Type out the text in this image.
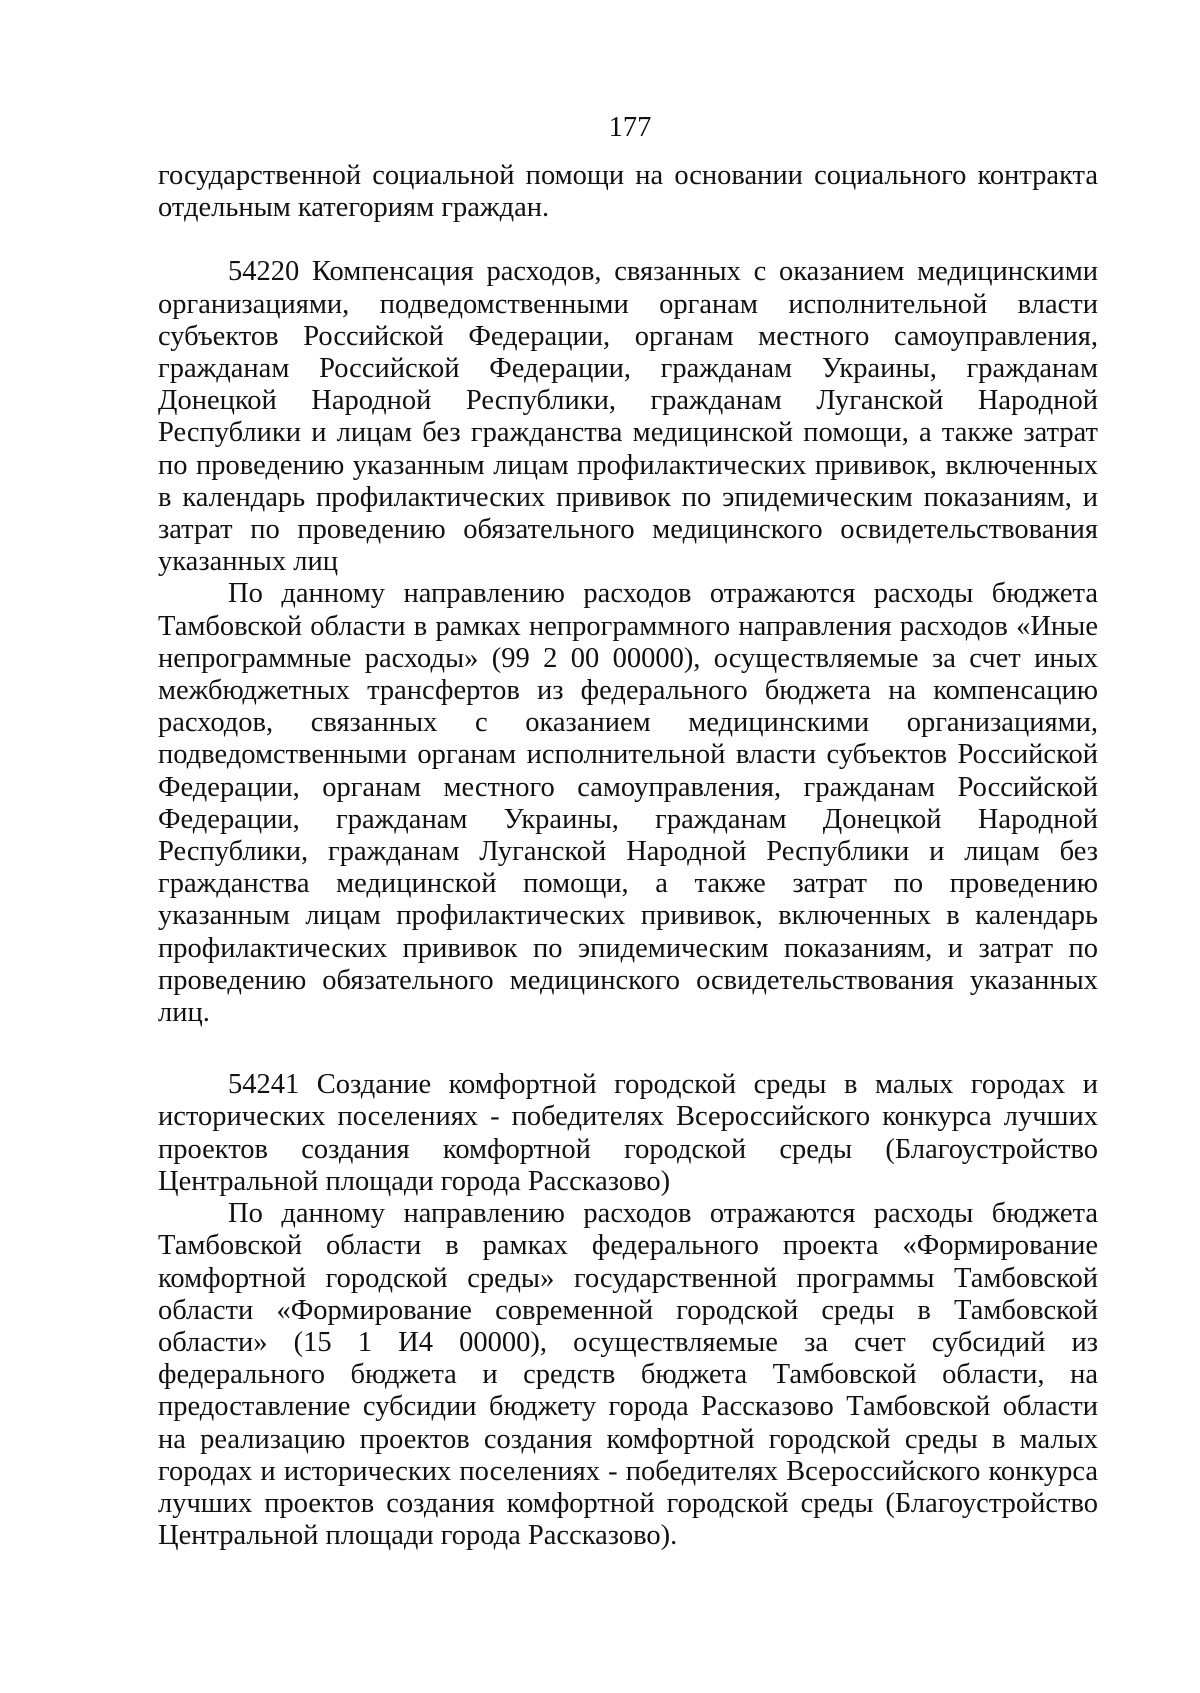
177

государственной социальной помощи на основании социального контракта отдельным категориям граждан.

54220 Компенсация расходов, связанных с оказанием медицинскими организациями, подведомственными органам исполнительной власти субъектов Российской Федерации, органам местного самоуправления, гражданам Российской Федерации, гражданам Украины, гражданам Донецкой Народной Республики, гражданам Луганской Народной Республики и лицам без гражданства медицинской помощи, а также затрат по проведению указанным лицам профилактических прививок, включенных в календарь профилактических прививок по эпидемическим показаниям, и затрат по проведению обязательного медицинского освидетельствования указанных лиц

По данному направлению расходов отражаются расходы бюджета Тамбовской области в рамках непрограммного направления расходов «Иные непрограммные расходы» (99 2 00 00000), осуществляемые за счет иных межбюджетных трансфертов из федерального бюджета на компенсацию расходов, связанных с оказанием медицинскими организациями, подведомственными органам исполнительной власти субъектов Российской Федерации, органам местного самоуправления, гражданам Российской Федерации, гражданам Украины, гражданам Донецкой Народной Республики, гражданам Луганской Народной Республики и лицам без гражданства медицинской помощи, а также затрат по проведению указанным лицам профилактических прививок, включенных в календарь профилактических прививок по эпидемическим показаниям, и затрат по проведению обязательного медицинского освидетельствования указанных лиц.

54241 Создание комфортной городской среды в малых городах и исторических поселениях - победителях Всероссийского конкурса лучших проектов создания комфортной городской среды (Благоустройство Центральной площади города Рассказово)

По данному направлению расходов отражаются расходы бюджета Тамбовской области в рамках федерального проекта «Формирование комфортной городской среды» государственной программы Тамбовской области «Формирование современной городской среды в Тамбовской области» (15 1 И4 00000), осуществляемые за счет субсидий из федерального бюджета и средств бюджета Тамбовской области, на предоставление субсидии бюджету города Рассказово Тамбовской области на реализацию проектов создания комфортной городской среды в малых городах и исторических поселениях - победителях Всероссийского конкурса лучших проектов создания комфортной городской среды (Благоустройство Центральной площади города Рассказово).
